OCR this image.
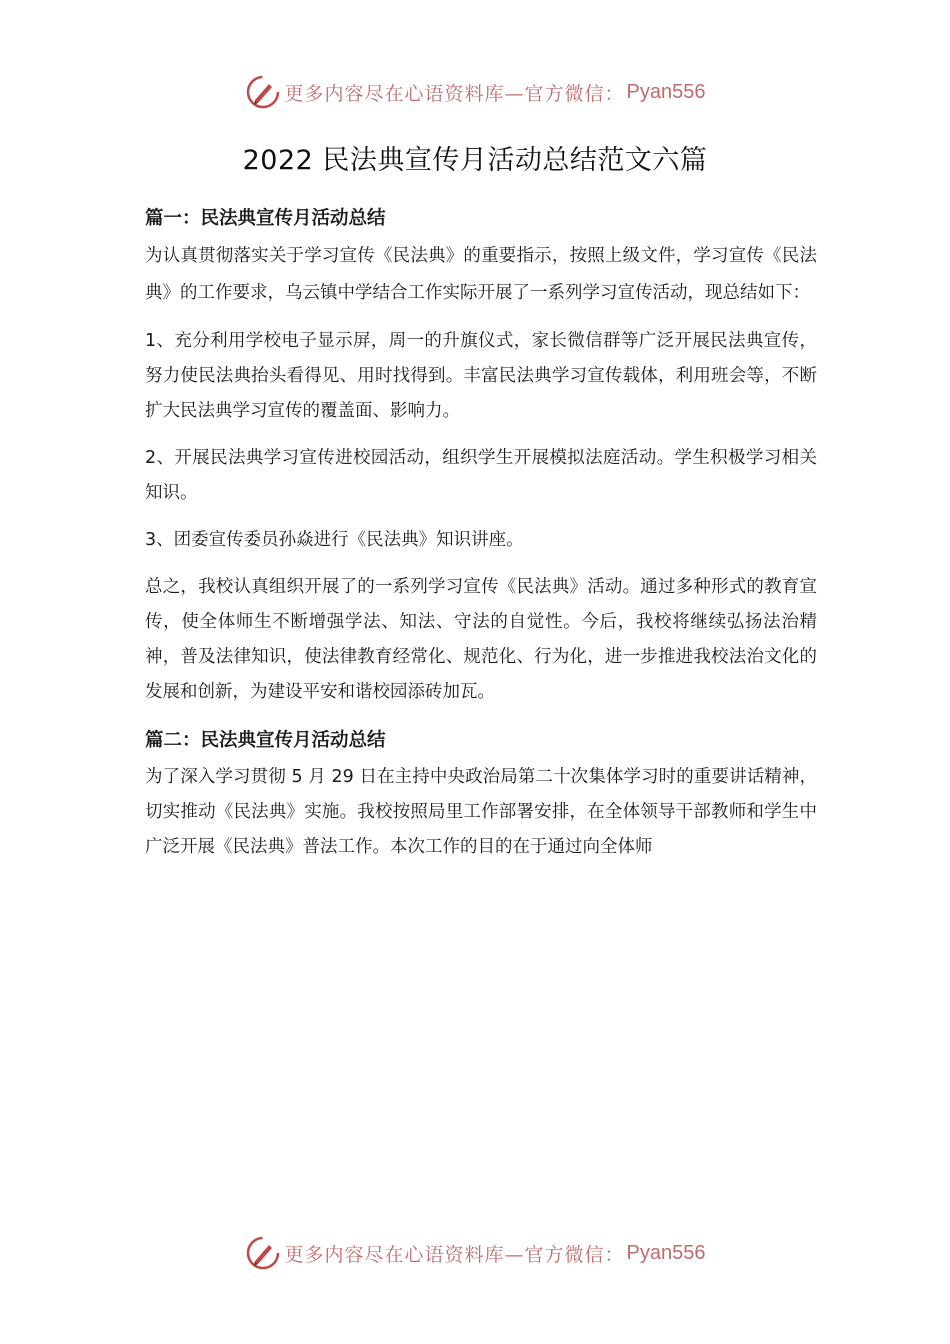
更多内容尽在心语资料库—官方微信： Pyan556
2022 民法典宣传月活动总结范文六篇

篇一：民法典宣传月活动总结

为认真贯彻落实关于学习宣传《民法典》的重要指示，按照上级文件，学习宣传《民法典》的工作要求，乌云镇中学结合工作实际开展了一系列学习宣传活动，现总结如下：

1、充分利用学校电子显示屏，周一的升旗仪式，家长微信群等广泛开展民法典宣传，努力使民法典抬头看得见、用时找得到。丰富民法典学习宣传载体，利用班会等，不断扩大民法典学习宣传的覆盖面、影响力。

2、开展民法典学习宣传进校园活动，组织学生开展模拟法庭活动。学生积极学习相关知识。

3、团委宣传委员孙焱进行《民法典》知识讲座。

总之，我校认真组织开展了的一系列学习宣传《民法典》活动。通过多种形式的教育宣传，使全体师生不断增强学法、知法、守法的自觉性。今后，我校将继续弘扬法治精神，普及法律知识，使法律教育经常化、规范化、行为化，进一步推进我校法治文化的发展和创新，为建设平安和谐校园添砖加瓦。

篇二：民法典宣传月活动总结

为了深入学习贯彻 5 月 29 日在主持中央政治局第二十次集体学习时的重要讲话精神，切实推动《民法典》实施。我校按照局里工作部署安排，在全体领导干部教师和学生中广泛开展《民法典》普法工作。本次工作的目的在于通过向全体师

更多内容尽在心语资料库—官方微信： Pyan556
